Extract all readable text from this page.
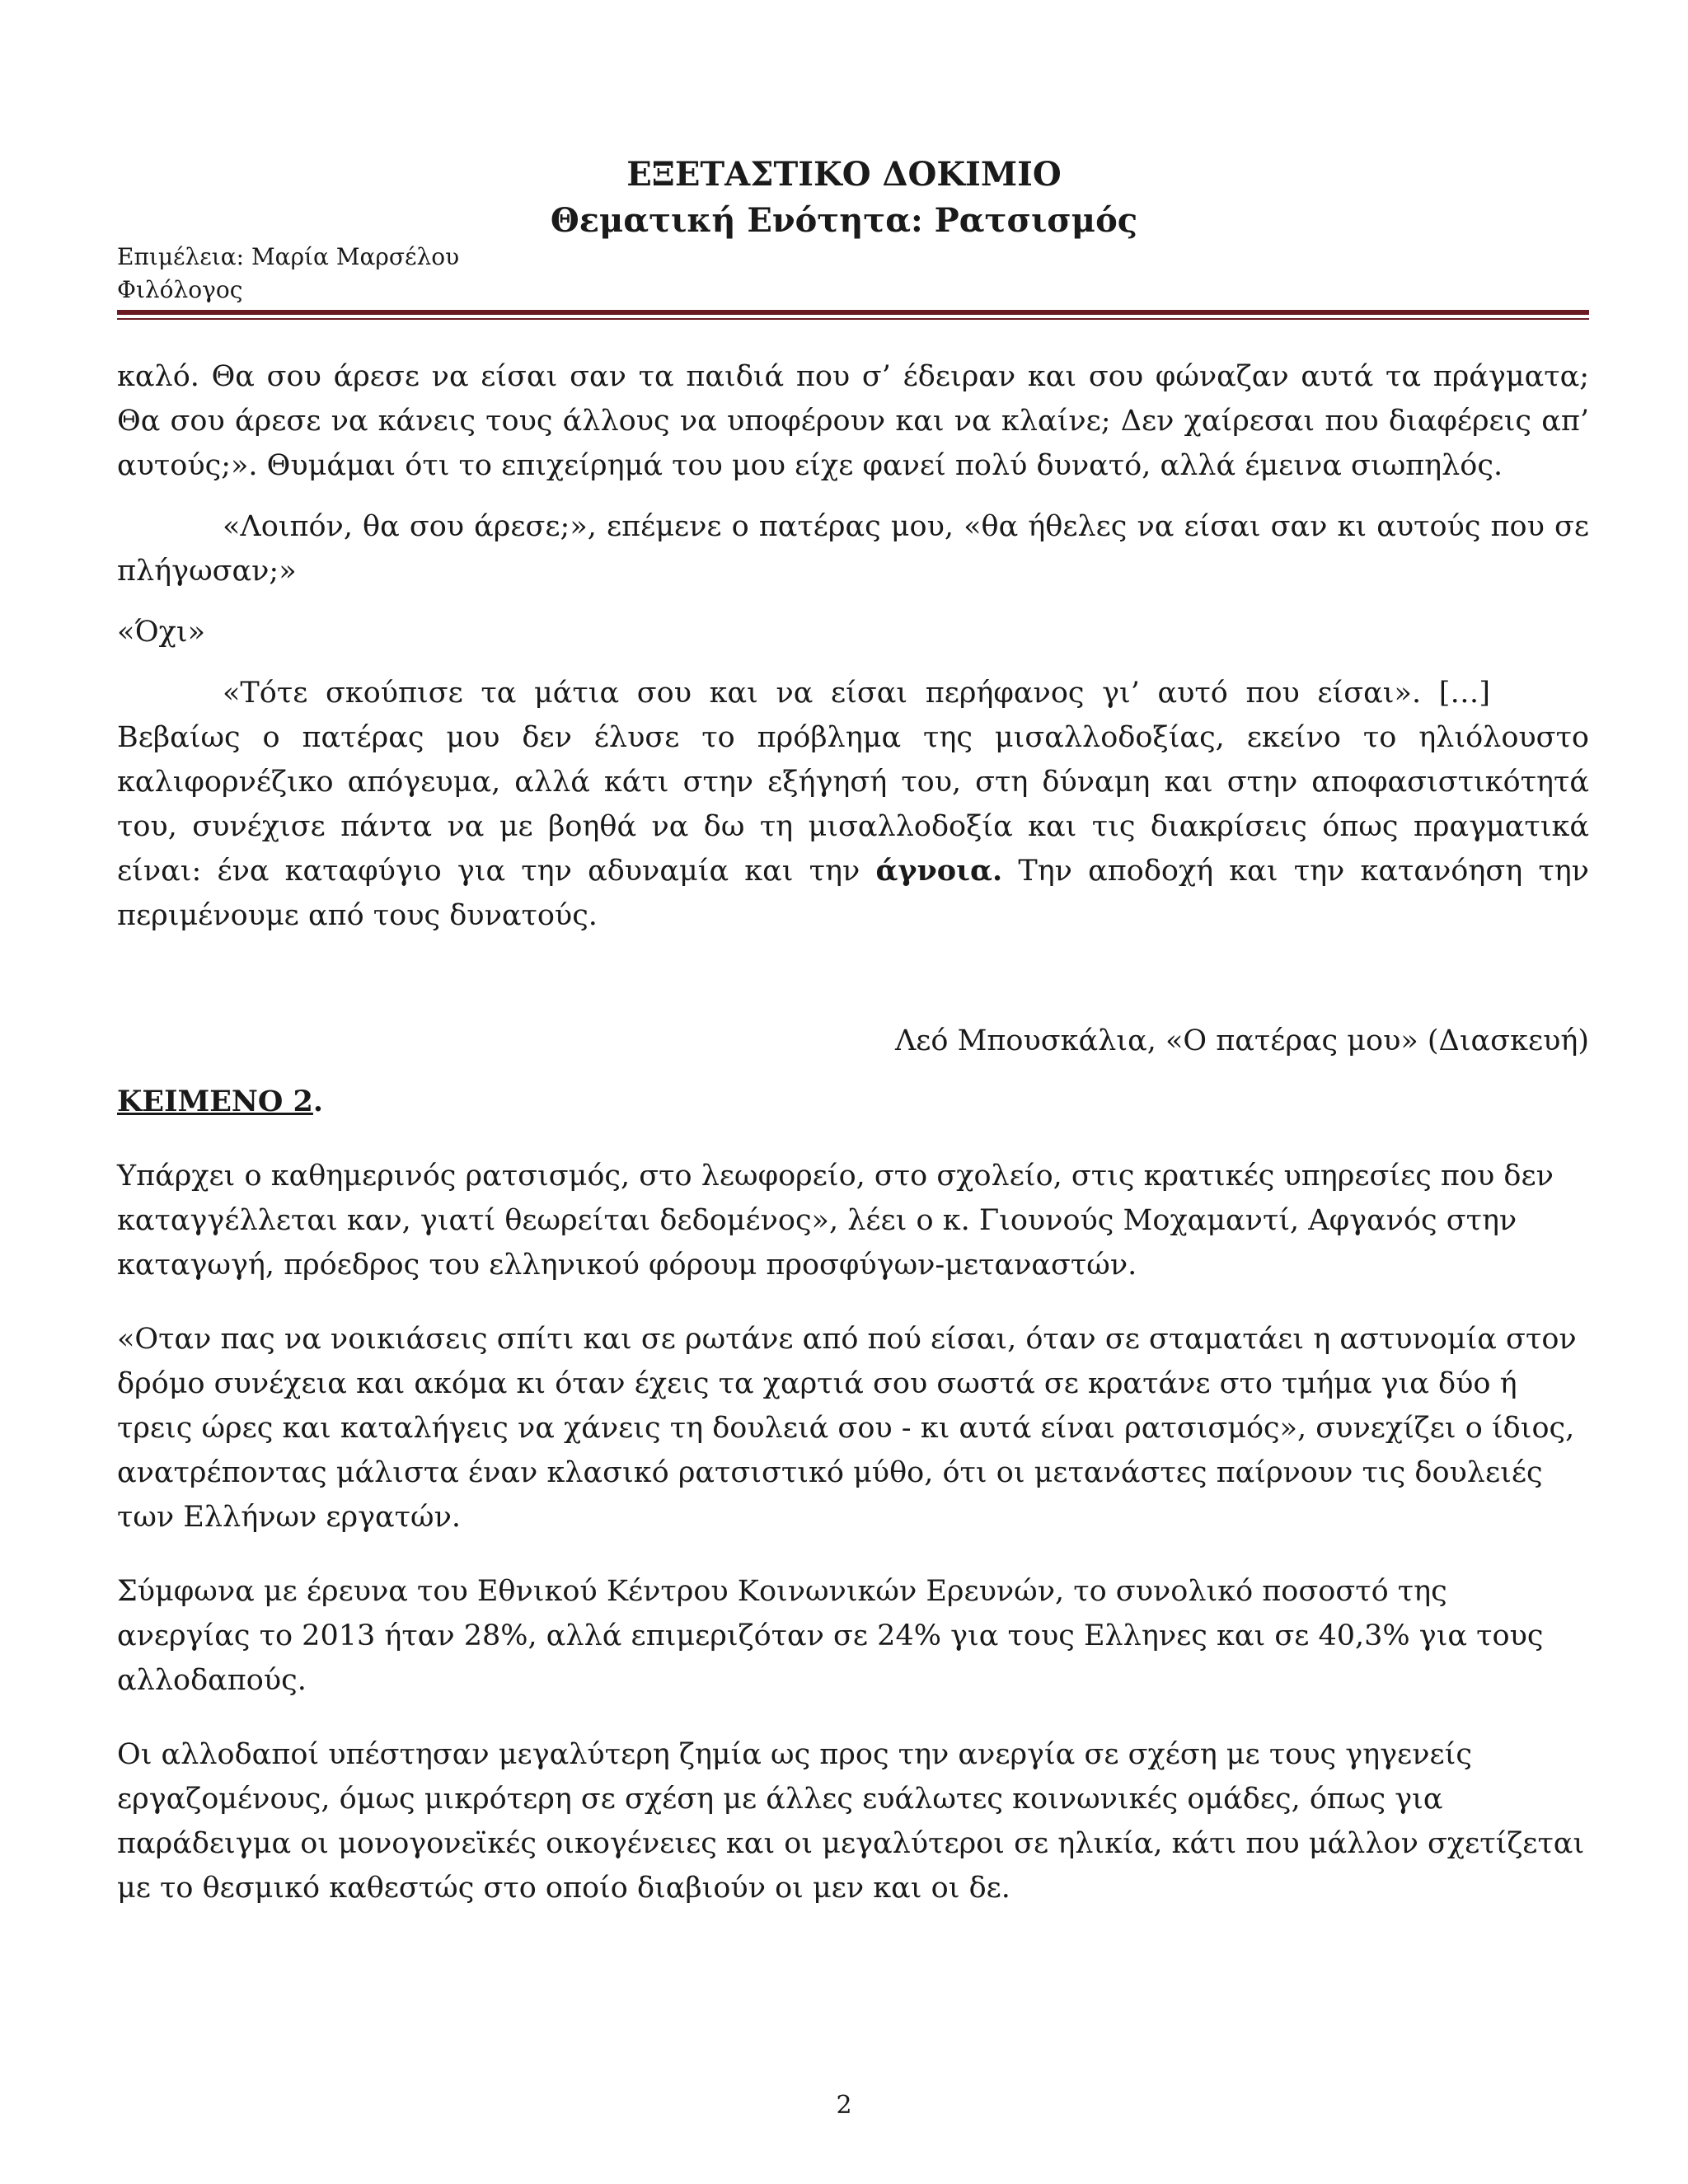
ΕΞΕΤΑΣΤΙΚΟ ΔΟΚΙΜΙΟ
Θεματική Ενότητα: Ρατσισμός
Επιμέλεια: Μαρία Μαρσέλου
Φιλόλογος

καλό. Θα σου άρεσε να είσαι σαν τα παιδιά που σ’ έδειραν και σου φώναζαν αυτά τα πράγματα; Θα σου άρεσε να κάνεις τους άλλους να υποφέρουν και να κλαίνε; Δεν χαίρεσαι που διαφέρεις απ’ αυτούς;». Θυμάμαι ότι το επιχείρημά του μου είχε φανεί πολύ δυνατό, αλλά έμεινα σιωπηλός.

«Λοιπόν, θα σου άρεσε;», επέμενε ο πατέρας μου, «θα ήθελες να είσαι σαν κι αυτούς που σε πλήγωσαν;»

«Όχι»

«Τότε σκούπισε τα μάτια σου και να είσαι περήφανος γι’ αυτό που είσαι». […]Βεβαίως ο πατέρας μου δεν έλυσε το πρόβλημα της μισαλλοδοξίας, εκείνο το ηλιόλουστο καλιφορνέζικο απόγευμα, αλλά κάτι στην εξήγησή του, στη δύναμη και στην αποφασιστικότητά του, συνέχισε πάντα να με βοηθά να δω τη μισαλλοδοξία και τις διακρίσεις όπως πραγματικά είναι: ένα καταφύγιο για την αδυναμία και την άγνοια. Την αποδοχή και την κατανόηση την περιμένουμε από τους δυνατούς.

Λεό Μπουσκάλια, «Ο πατέρας μου» (Διασκευή)

ΚΕΙΜΕΝΟ 2.

Υπάρχει ο καθημερινός ρατσισμός, στο λεωφορείο, στο σχολείο, στις κρατικές υπηρεσίες που δεν καταγγέλλεται καν, γιατί θεωρείται δεδομένος», λέει ο κ. Γιουνούς Μοχαμαντί, Αφγανός στην καταγωγή, πρόεδρος του ελληνικού φόρουμ προσφύγων-μεταναστών.

«Οταν πας να νοικιάσεις σπίτι και σε ρωτάνε από πού είσαι, όταν σε σταματάει η αστυνομία στον δρόμο συνέχεια και ακόμα κι όταν έχεις τα χαρτιά σου σωστά σε κρατάνε στο τμήμα για δύο ή τρεις ώρες και καταλήγεις να χάνεις τη δουλειά σου - κι αυτά είναι ρατσισμός», συνεχίζει ο ίδιος, ανατρέποντας μάλιστα έναν κλασικό ρατσιστικό μύθο, ότι οι μετανάστες παίρνουν τις δουλειές των Ελλήνων εργατών.

Σύμφωνα με έρευνα του Εθνικού Κέντρου Κοινωνικών Ερευνών, το συνολικό ποσοστό της ανεργίας το 2013 ήταν 28%, αλλά επιμεριζόταν σε 24% για τους Ελληνες και σε 40,3% για τους αλλοδαπούς.

Οι αλλοδαποί υπέστησαν μεγαλύτερη ζημία ως προς την ανεργία σε σχέση με τους γηγενείς εργαζομένους, όμως μικρότερη σε σχέση με άλλες ευάλωτες κοινωνικές ομάδες, όπως για παράδειγμα οι μονογονεϊκές οικογένειες και οι μεγαλύτεροι σε ηλικία, κάτι που μάλλον σχετίζεται με το θεσμικό καθεστώς στο οποίο διαβιούν οι μεν και οι δε.

2
